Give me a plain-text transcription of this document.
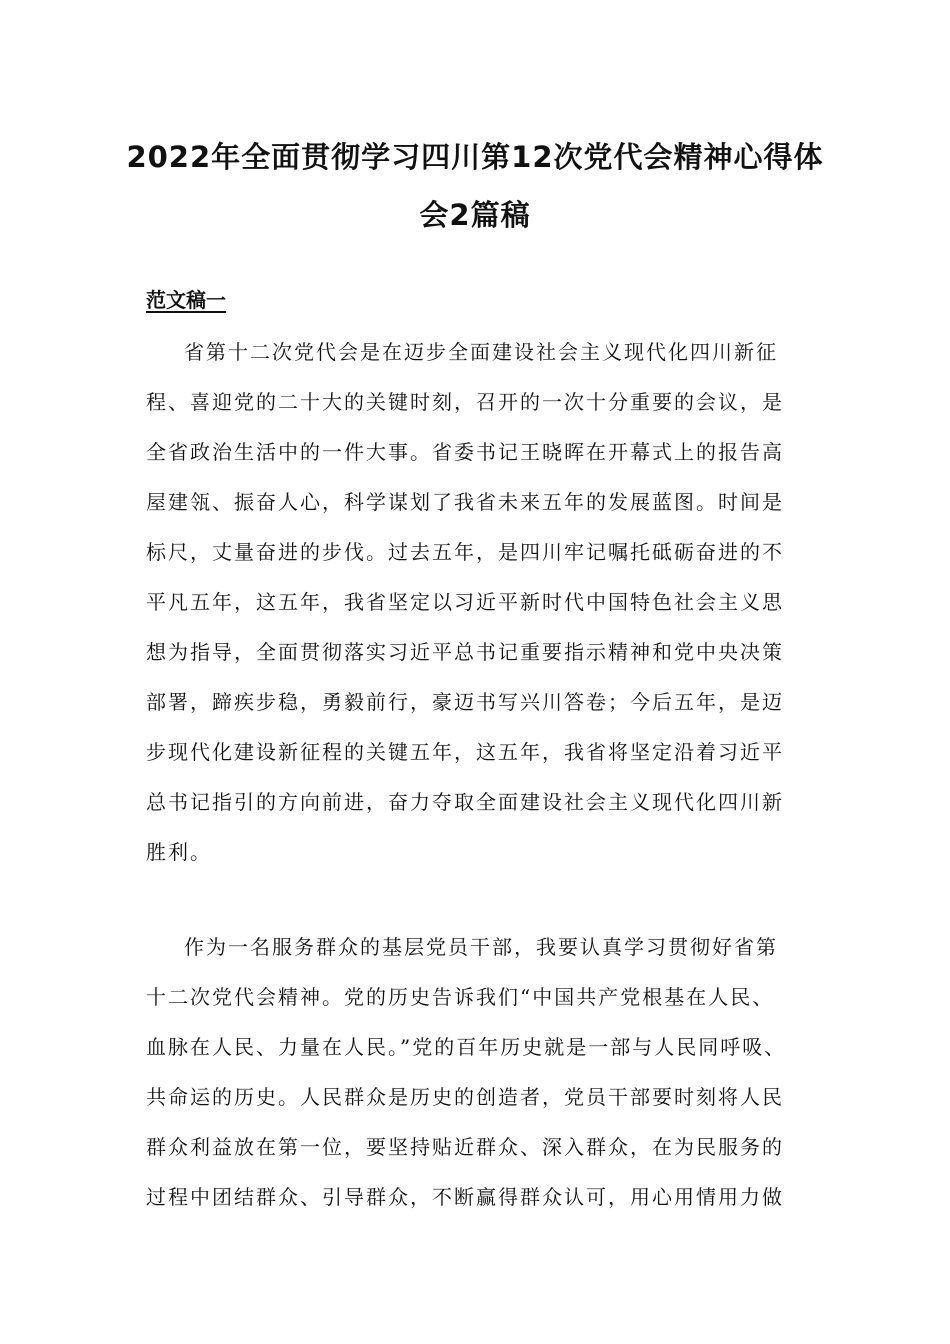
2022年全面贯彻学习四川第12次党代会精神心得体
会2篇稿
范文稿一
省第十二次党代会是在迈步全面建设社会主义现代化四川新征
程、喜迎党的二十大的关键时刻，召开的一次十分重要的会议，是
全省政治生活中的一件大事。省委书记王晓晖在开幕式上的报告高
屋建瓴、振奋人心，科学谋划了我省未来五年的发展蓝图。时间是
标尺，丈量奋进的步伐。过去五年，是四川牢记嘱托砥砺奋进的不
平凡五年，这五年，我省坚定以习近平新时代中国特色社会主义思
想为指导，全面贯彻落实习近平总书记重要指示精神和党中央决策
部署，蹄疾步稳，勇毅前行，豪迈书写兴川答卷；今后五年，是迈
步现代化建设新征程的关键五年，这五年，我省将坚定沿着习近平
总书记指引的方向前进，奋力夺取全面建设社会主义现代化四川新
胜利。
作为一名服务群众的基层党员干部，我要认真学习贯彻好省第
十二次党代会精神。党的历史告诉我们“中国共产党根基在人民、
血脉在人民、力量在人民。”党的百年历史就是一部与人民同呼吸、
共命运的历史。人民群众是历史的创造者，党员干部要时刻将人民
群众利益放在第一位，要坚持贴近群众、深入群众，在为民服务的
过程中团结群众、引导群众，不断赢得群众认可，用心用情用力做
